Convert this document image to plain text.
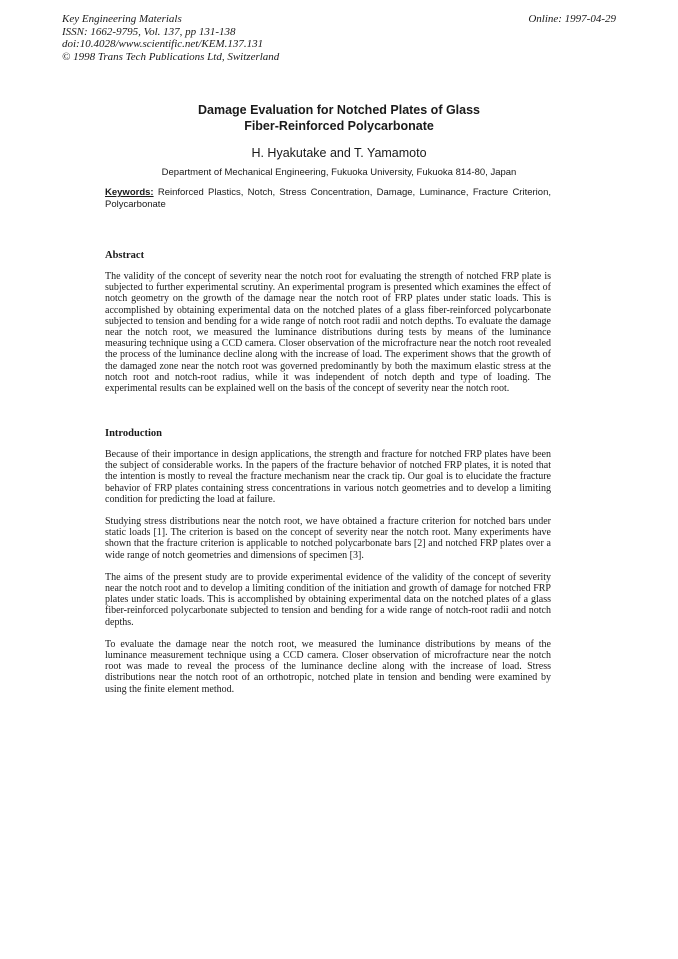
Key Engineering Materials
ISSN: 1662-9795, Vol. 137, pp 131-138
doi:10.4028/www.scientific.net/KEM.137.131
© 1998 Trans Tech Publications Ltd, Switzerland
Online: 1997-04-29
Damage Evaluation for Notched Plates of Glass
Fiber-Reinforced Polycarbonate
H. Hyakutake and T. Yamamoto
Department of Mechanical Engineering, Fukuoka University, Fukuoka 814-80, Japan
Keywords: Reinforced Plastics, Notch, Stress Concentration, Damage, Luminance, Fracture Criterion, Polycarbonate
Abstract

The validity of the concept of severity near the notch root for evaluating the strength of notched FRP plate is subjected to further experimental scrutiny. An experimental program is presented which examines the effect of notch geometry on the growth of the damage near the notch root of FRP plates under static loads. This is accomplished by obtaining experimental data on the notched plates of a glass fiber-reinforced polycarbonate subjected to tension and bending for a wide range of notch root radii and notch depths. To evaluate the damage near the notch root, we measured the luminance distributions during tests by means of the luminance measuring technique using a CCD camera. Closer observation of the microfracture near the notch root revealed the process of the luminance decline along with the increase of load. The experiment shows that the growth of the damaged zone near the notch root was governed predominantly by both the maximum elastic stress at the notch root and notch-root radius, while it was independent of notch depth and type of loading. The experimental results can be explained well on the basis of the concept of severity near the notch root.

Introduction

Because of their importance in design applications, the strength and fracture for notched FRP plates have been the subject of considerable works. In the papers of the fracture behavior of notched FRP plates, it is noted that the intention is mostly to reveal the fracture mechanism near the crack tip. Our goal is to elucidate the fracture behavior of FRP plates containing stress concentrations in various notch geometries and to develop a limiting condition for predicting the load at failure.

Studying stress distributions near the notch root, we have obtained a fracture criterion for notched bars under static loads [1]. The criterion is based on the concept of severity near the notch root. Many experiments have shown that the fracture criterion is applicable to notched polycarbonate bars [2] and notched FRP plates over a wide range of notch geometries and dimensions of specimen [3].

The aims of the present study are to provide experimental evidence of the validity of the concept of severity near the notch root and to develop a limiting condition of the initiation and growth of damage for notched FRP plates under static loads. This is accomplished by obtaining experimental data on the notched plates of a glass fiber-reinforced polycarbonate subjected to tension and bending for a wide range of notch-root radii and notch depths.

To evaluate the damage near the notch root, we measured the luminance distributions by means of the luminance measurement technique using a CCD camera. Closer observation of microfracture near the notch root was made to reveal the process of the luminance decline along with the increase of load. Stress distributions near the notch root of an orthotropic, notched plate in tension and bending were examined by using the finite element method.
